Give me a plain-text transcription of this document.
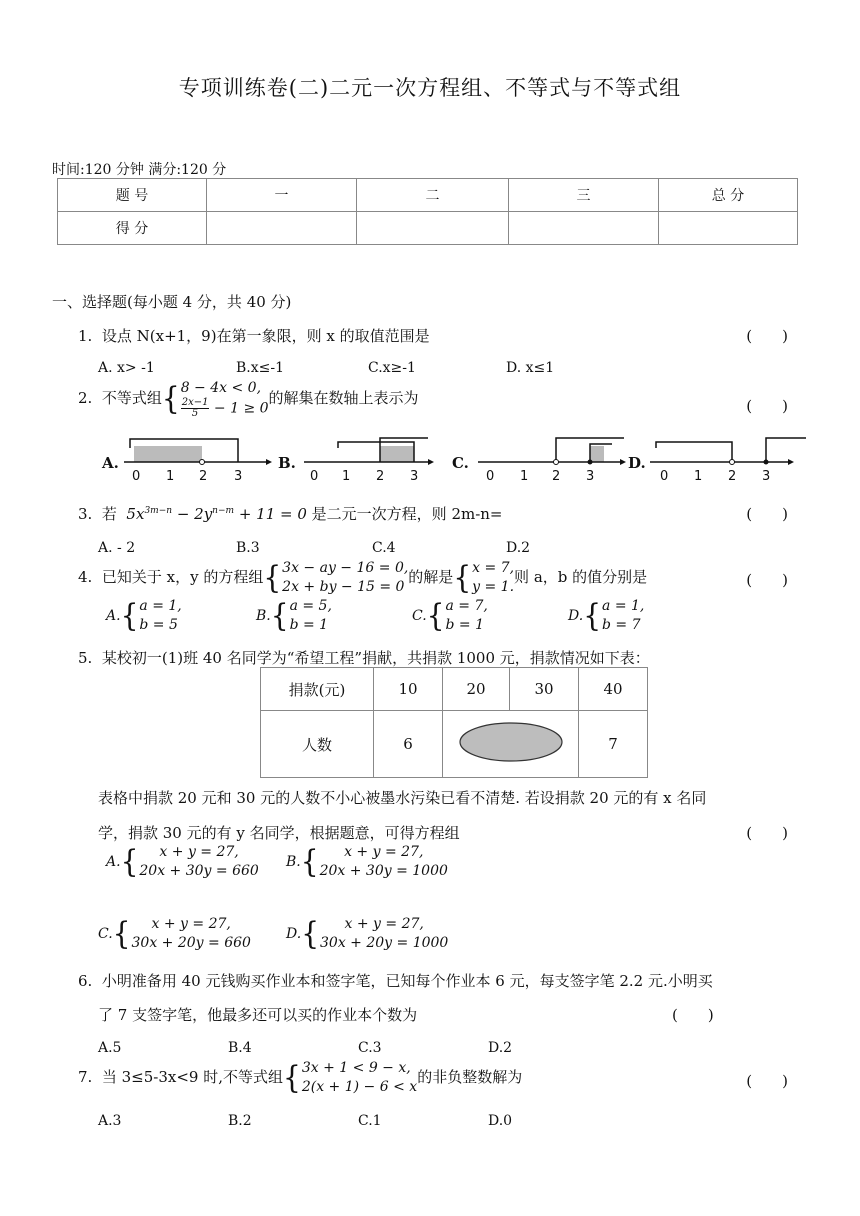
专项训练卷(二)二元一次方程组、不等式与不等式组
时间:120 分钟 满分:120 分
题 号	一	二	三	总 分
得 分				
一、选择题(每小题 4 分，共 40 分)
1. 设点 N(x+1，9)在第一象限，则 x 的取值范围是	(　　)
A. x> -1	B.x≤-1	C.x≥-1	D. x≤1
2. 不等式组{8 − 4x < 0,

$\frac{2x-1}{5} - 1 \ge 0$的解集在数轴上表示为	(　　)
A.
0 1 2 3
B.
0 1 2 3
C.
0 1 2 3
D.
0 1 2 3
3. 若 $5x^{3m-n} - 2y^{n-m} + 11 = 0$ 是二元一次方程，则 2m-n=	(　　)
A. - 2	B.3	C.4	D.2
4. 已知关于 x，y 的方程组{3x − ay − 16 = 0,
2x + by − 15 = 0的解是{x = 7,
y = 1.则 a，b 的值分别是	(　　)
A.{a = 1,
b = 5
B.{a = 5,
b = 1
C.{a = 7,
b = 1
D.{a = 1,
b = 7
5. 某校初一(1)班 40 名同学为“希望工程”捐献，共捐款 1000 元，捐款情况如下表：
捐款(元)	10	20	30	40
人数	6			7
表格中捐款 20 元和 30 元的人数不小心被墨水污染已看不清楚. 若设捐款 20 元的有 x 名同
学，捐款 30 元的有 y 名同学，根据题意，可得方程组	(　　)
A.{ x + y = 27,
20x + 30y = 660
B.{ x + y = 27,
20x + 30y = 1000
C.{ x + y = 27,
30x + 20y = 660
D.{ x + y = 27,
30x + 20y = 1000
6. 小明准备用 40 元钱购买作业本和签字笔，已知每个作业本 6 元，每支签字笔 2.2 元.小明买
了 7 支签字笔，他最多还可以买的作业本个数为	(　　)
A.5	B.4	C.3	D.2
7. 当 3≤5-3x<9 时,不等式组{3x + 1 < 9 − x,
2(x + 1) − 6 < x的非负整数解为	(　　)
A.3	B.2	C.1	D.0
